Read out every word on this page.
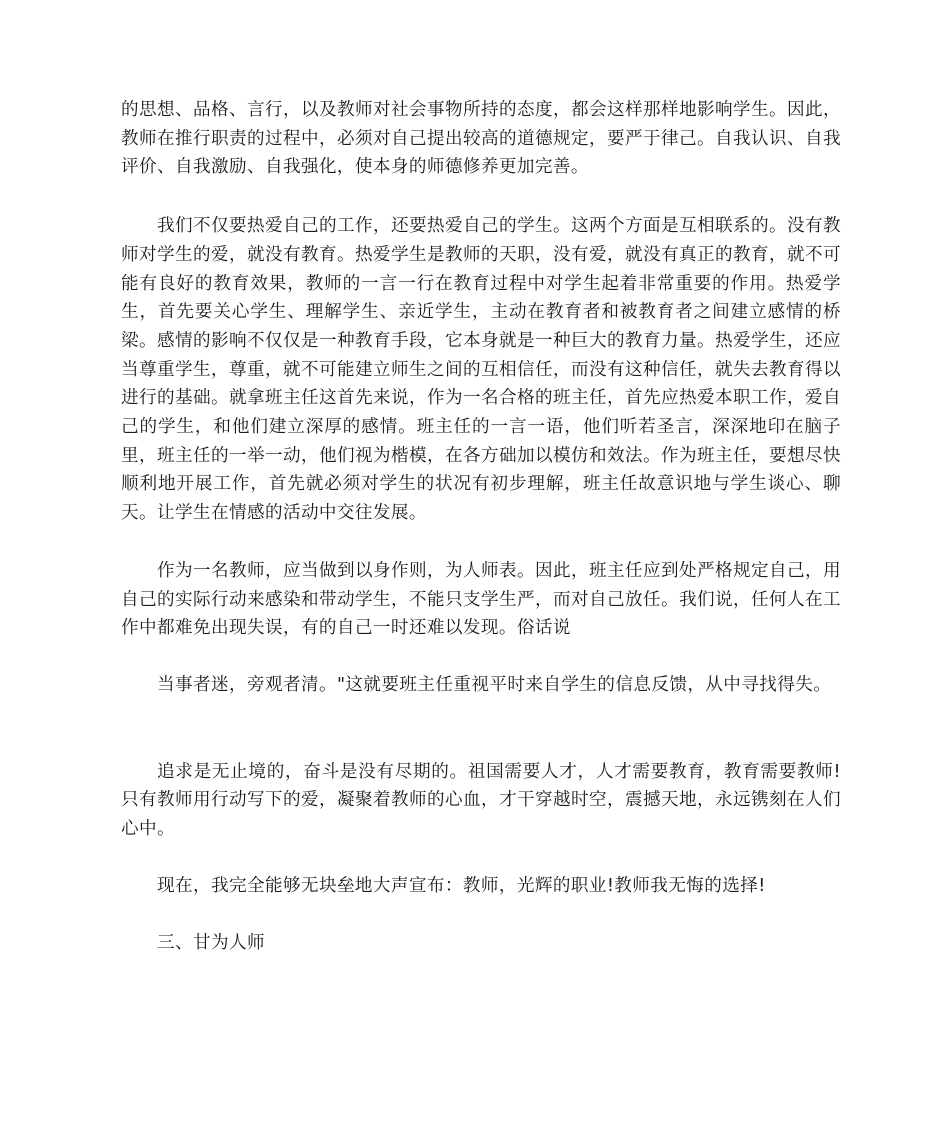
的思想、品格、言行，以及教师对社会事物所持的态度，都会这样那样地影响学生。因此，教师在推行职责的过程中，必须对自己提出较高的道德规定，要严于律己。自我认识、自我评价、自我激励、自我强化，使本身的师德修养更加完善。

我们不仅要热爱自己的工作，还要热爱自己的学生。这两个方面是互相联系的。没有教师对学生的爱，就没有教育。热爱学生是教师的天职，没有爱，就没有真正的教育，就不可能有良好的教育效果，教师的一言一行在教育过程中对学生起着非常重要的作用。热爱学生，首先要关心学生、理解学生、亲近学生，主动在教育者和被教育者之间建立感情的桥梁。感情的影响不仅仅是一种教育手段，它本身就是一种巨大的教育力量。热爱学生，还应当尊重学生，尊重，就不可能建立师生之间的互相信任，而没有这种信任，就失去教育得以进行的基础。就拿班主任这首先来说，作为一名合格的班主任，首先应热爱本职工作，爱自己的学生，和他们建立深厚的感情。班主任的一言一语，他们听若圣言，深深地印在脑子里，班主任的一举一动，他们视为楷模，在各方础加以模仿和效法。作为班主任，要想尽快顺利地开展工作，首先就必须对学生的状况有初步理解，班主任故意识地与学生谈心、聊天。让学生在情感的活动中交往发展。

作为一名教师，应当做到以身作则，为人师表。因此，班主任应到处严格规定自己，用自己的实际行动来感染和带动学生，不能只支学生严，而对自己放任。我们说，任何人在工作中都难免出现失误，有的自己一时还难以发现。俗话说

当事者迷，旁观者清。"这就要班主任重视平时来自学生的信息反馈，从中寻找得失。

追求是无止境的，奋斗是没有尽期的。祖国需要人才，人才需要教育，教育需要教师!只有教师用行动写下的爱，凝聚着教师的心血，才干穿越时空，震撼天地，永远镌刻在人们心中。

现在，我完全能够无块垒地大声宣布：教师，光辉的职业!教师我无悔的选择!

三、甘为人师
